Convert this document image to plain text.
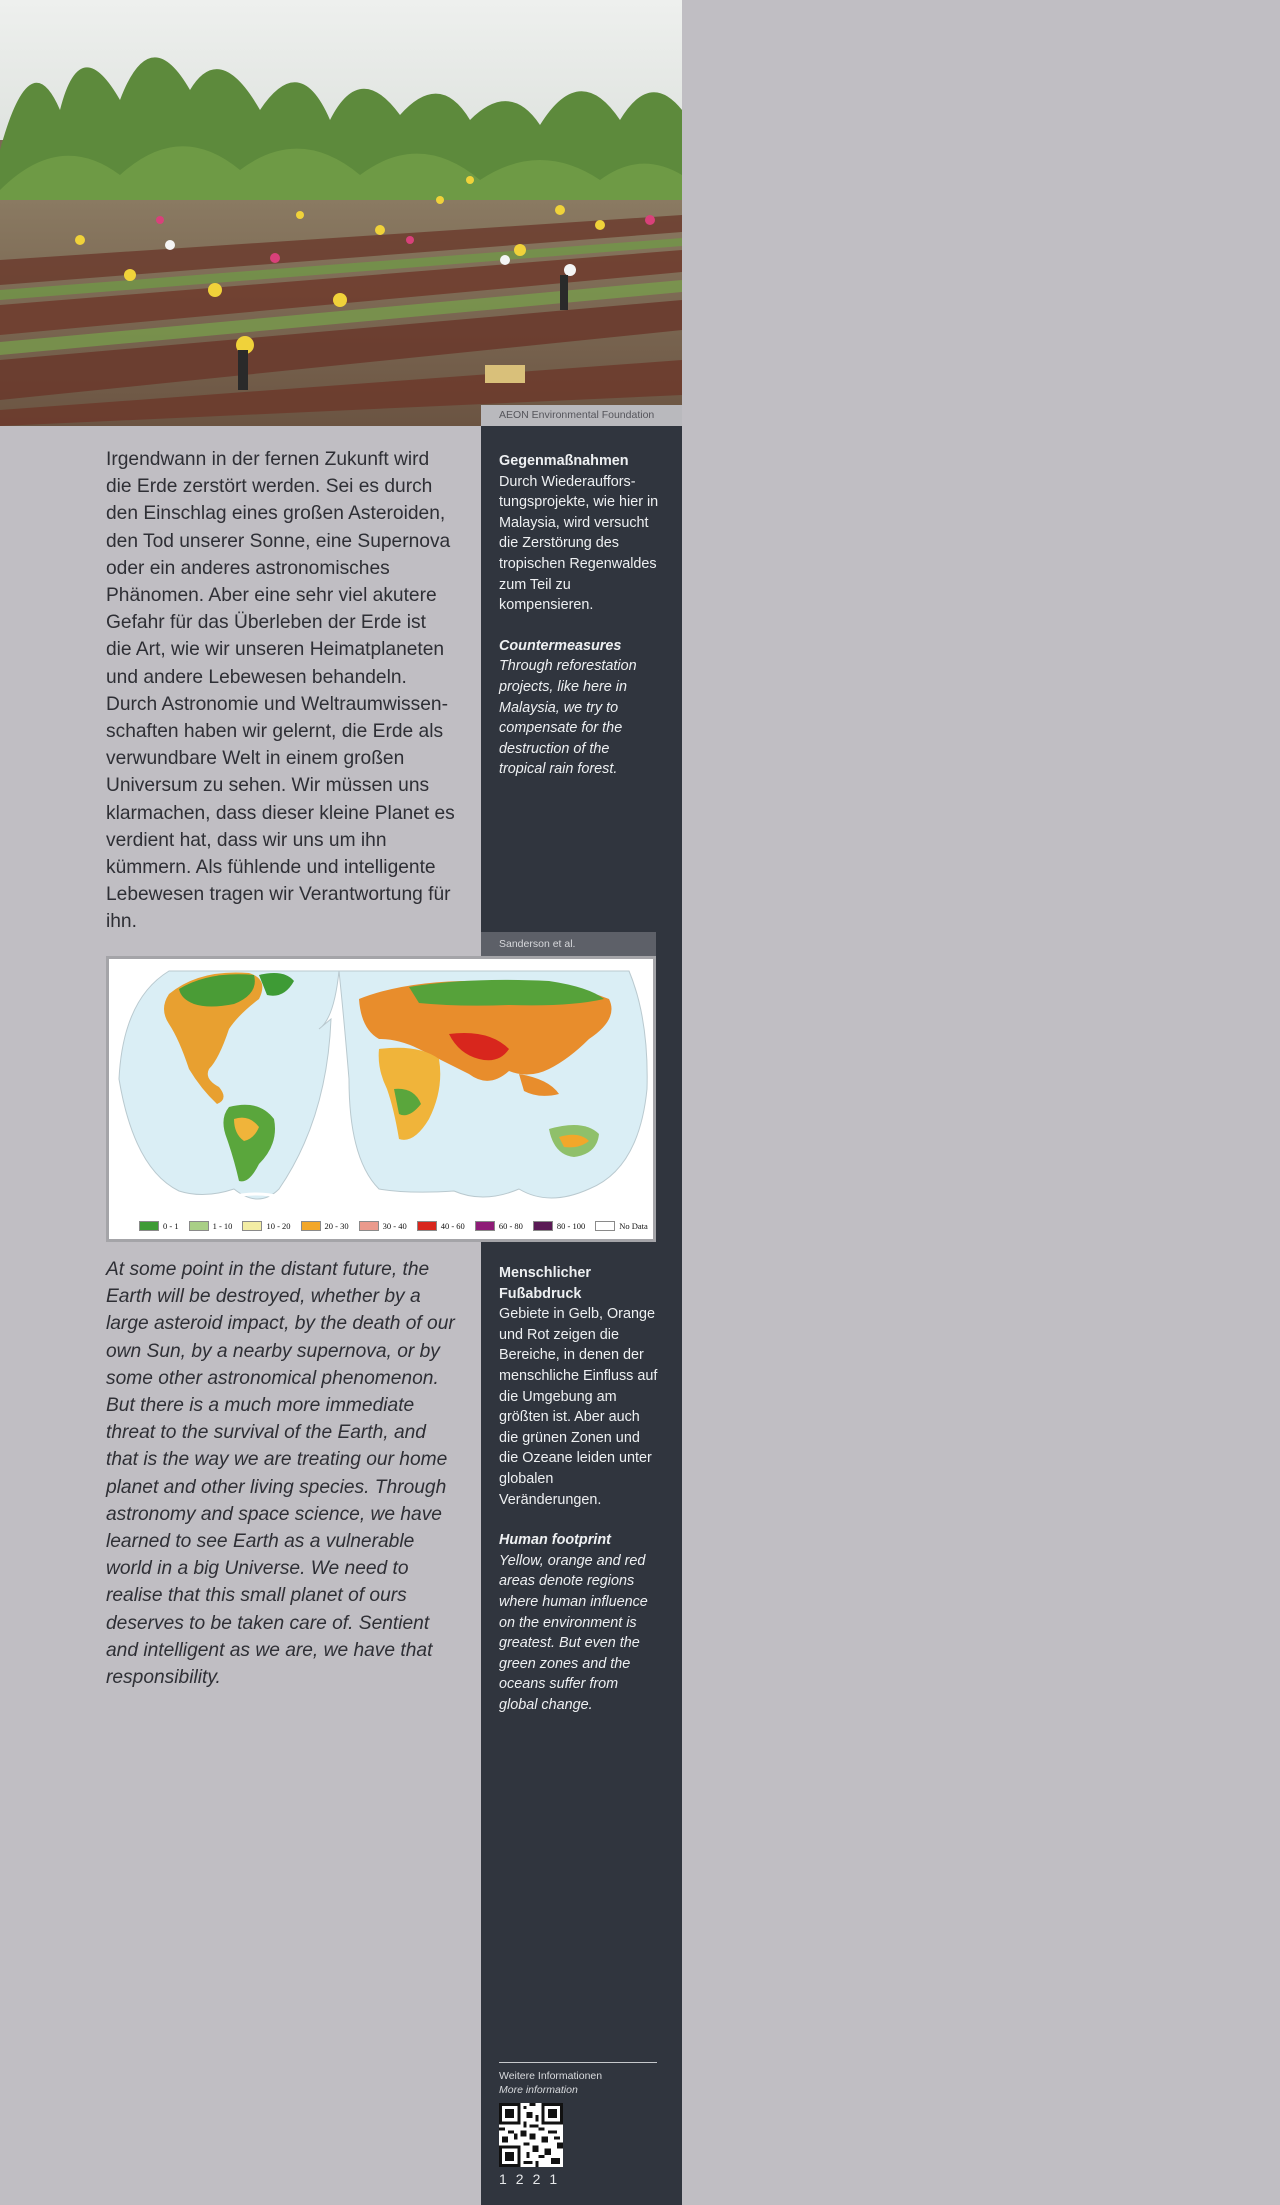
AEON Environmental Foundation
Irgendwann in der fernen Zukunft wird die Erde zerstört werden. Sei es durch den Einschlag eines großen Asteroiden, den Tod unserer Sonne, eine Supernova oder ein anderes astronomisches Phänomen. Aber eine sehr viel akutere Gefahr für das Überleben der Erde ist die Art, wie wir unseren Heimatplaneten und andere Lebewesen behandeln. Durch Astronomie und Weltraumwissenschaften haben wir gelernt, die Erde als verwundbare Welt in einem großen Universum zu sehen. Wir müssen uns klarmachen, dass dieser kleine Planet es verdient hat, dass wir uns um ihn kümmern. Als fühlende und intelligente Lebewesen tragen wir Verantwortung für ihn.
Gegenmaßnahmen
Durch Wiederaufforstungsprojekte, wie hier in Malaysia, wird versucht die Zerstörung des tropischen Regenwaldes zum Teil zu kompensieren.
Countermeasures
Through reforestation projects, like here in Malaysia, we try to compensate for the destruction of the tropical rain forest.
Sanderson et al.
0 - 1	1 - 10	10 - 20	20 - 30	30 - 40	40 - 60	60 - 80	80 - 100	No Data
At some point in the distant future, the Earth will be destroyed, whether by a large asteroid impact, by the death of our own Sun, by a nearby supernova, or by some other astronomical phenomenon. But there is a much more immediate threat to the survival of the Earth, and that is the way we are treating our home planet and other living species. Through astronomy and space science, we have learned to see Earth as a vulnerable world in a big Universe. We need to realise that this small planet of ours deserves to be taken care of. Sentient and intelligent as we are, we have that responsibility.
Menschlicher Fußabdruck
Gebiete in Gelb, Orange und Rot zeigen die Bereiche, in denen der menschliche Einfluss auf die Umgebung am größten ist. Aber auch die grünen Zonen und die Ozeane leiden unter globalen Veränderungen.
Human footprint
Yellow, orange and red areas denote regions where human influence on the environment is greatest. But even the green zones and the oceans suffer from global change.
Weitere Informationen
More information
1221
